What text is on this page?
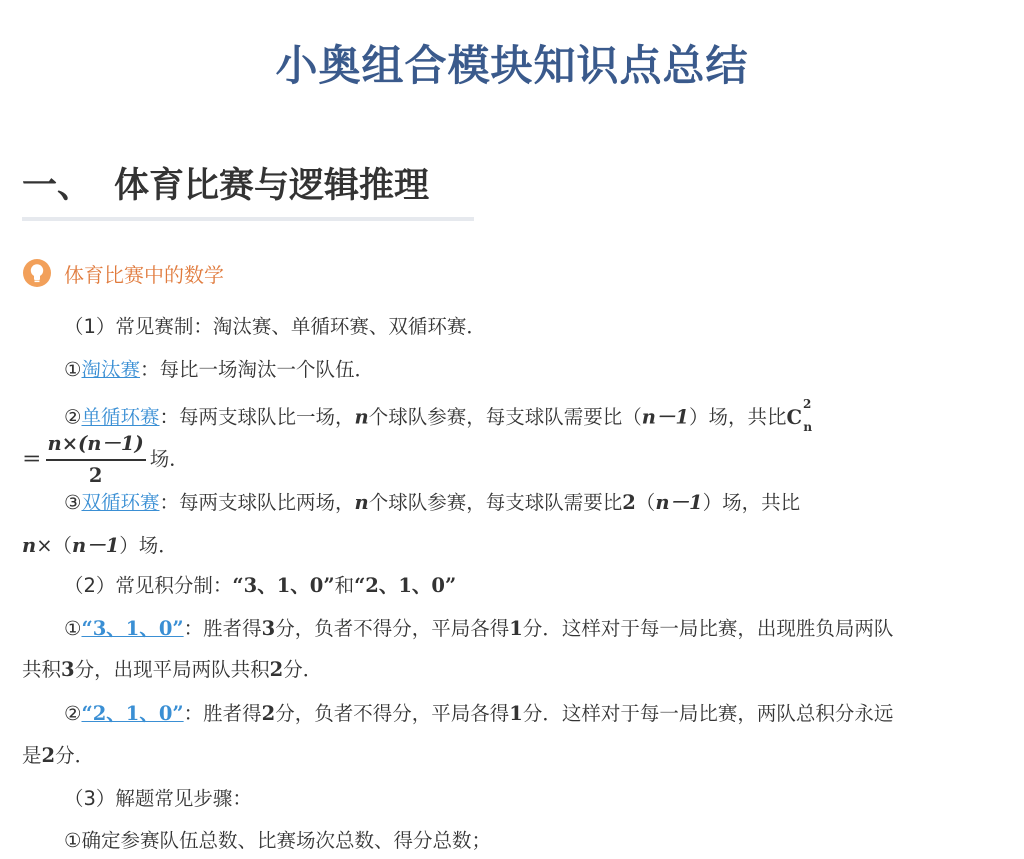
小奥组合模块知识点总结
一、 体育比赛与逻辑推理
体育比赛中的数学
（1）常见赛制：淘汰赛、单循环赛、双循环赛．
①淘汰赛：每比一场淘汰一个队伍．
②单循环赛：每两支球队比一场，n个球队参赛，每支球队需要比（n－1）场，共比$C^2_n$
＝ $\frac{n\times(n-1)}{2}$ 场．
③双循环赛：每两支球队比两场，n个球队参赛，每支球队需要比2（n－1）场，共比
n×（n－1）场．
（2）常见积分制：“3、1、0”和“2、1、0”
①“3、1、0”：胜者得3分，负者不得分，平局各得1分．这样对于每一局比赛，出现胜负局两队
共积3分，出现平局两队共积2分．
②“2、1、0”：胜者得2分，负者不得分，平局各得1分．这样对于每一局比赛，两队总积分永远
是2分．
（3）解题常见步骤：
①确定参赛队伍总数、比赛场次总数、得分总数；
